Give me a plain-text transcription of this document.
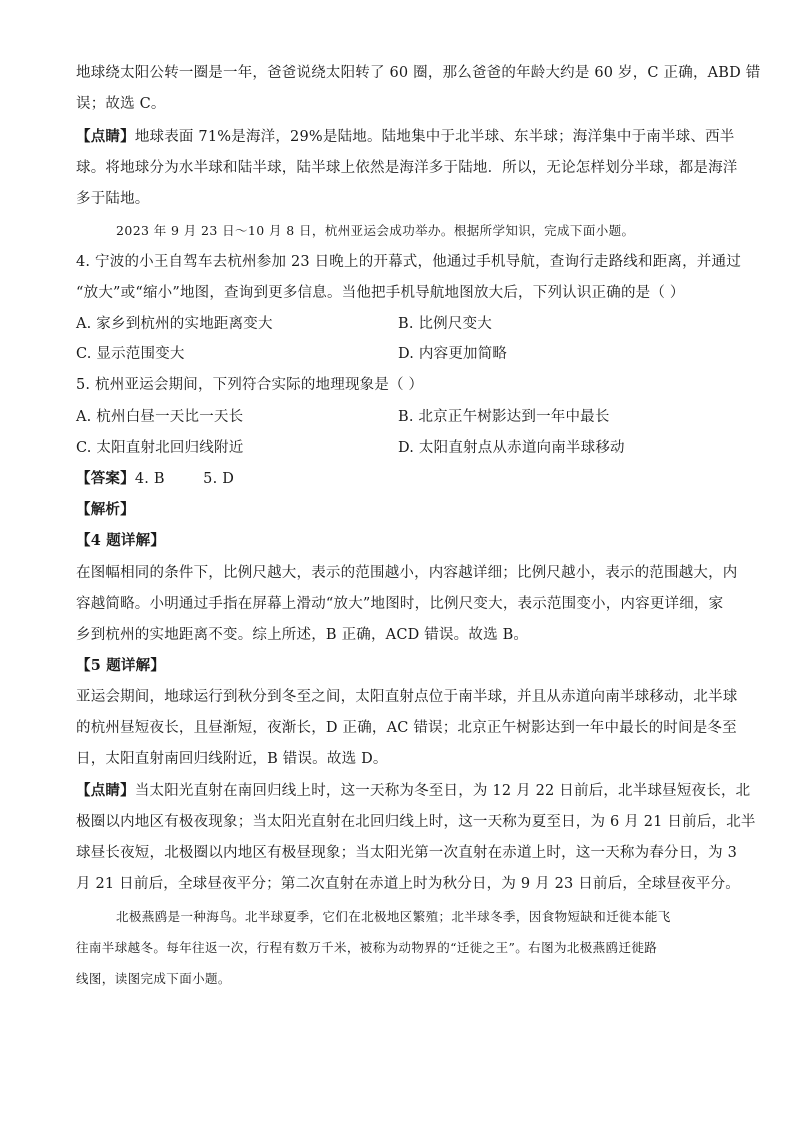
地球绕太阳公转一圈是一年，爸爸说绕太阳转了 60 圈，那么爸爸的年龄大约是 60 岁，C 正确，ABD 错
误；故选 C。
【点睛】地球表面 71%是海洋，29%是陆地。陆地集中于北半球、东半球；海洋集中于南半球、西半
球。将地球分为水半球和陆半球，陆半球上依然是海洋多于陆地．所以，无论怎样划分半球，都是海洋
多于陆地。
2023 年 9 月 23 日～10 月 8 日，杭州亚运会成功举办。根据所学知识，完成下面小题。
4. 宁波的小王自驾车去杭州参加 23 日晚上的开幕式，他通过手机导航，查询行走路线和距离，并通过
“放大”或“缩小”地图，查询到更多信息。当他把手机导航地图放大后，下列认识正确的是（ ）
A. 家乡到杭州的实地距离变大	B. 比例尺变大
C. 显示范围变大	D. 内容更加简略
5. 杭州亚运会期间，下列符合实际的地理现象是（ ）
A. 杭州白昼一天比一天长	B. 北京正午树影达到一年中最长
C. 太阳直射北回归线附近	D. 太阳直射点从赤道向南半球移动
【答案】4. B        5. D
【解析】
【4 题详解】
在图幅相同的条件下，比例尺越大，表示的范围越小，内容越详细；比例尺越小，表示的范围越大，内
容越简略。小明通过手指在屏幕上滑动“放大”地图时，比例尺变大，表示范围变小，内容更详细，家
乡到杭州的实地距离不变。综上所述，B 正确，ACD 错误。故选 B。
【5 题详解】
亚运会期间，地球运行到秋分到冬至之间，太阳直射点位于南半球，并且从赤道向南半球移动，北半球
的杭州昼短夜长，且昼渐短，夜渐长，D 正确，AC 错误；北京正午树影达到一年中最长的时间是冬至
日，太阳直射南回归线附近，B 错误。故选 D。
【点睛】当太阳光直射在南回归线上时，这一天称为冬至日，为 12 月 22 日前后，北半球昼短夜长，北
极圈以内地区有极夜现象；当太阳光直射在北回归线上时，这一天称为夏至日，为 6 月 21 日前后，北半
球昼长夜短，北极圈以内地区有极昼现象；当太阳光第一次直射在赤道上时，这一天称为春分日，为 3
月 21 日前后，全球昼夜平分；第二次直射在赤道上时为秋分日，为 9 月 23 日前后，全球昼夜平分。
北极燕鸥是一种海鸟。北半球夏季，它们在北极地区繁殖；北半球冬季，因食物短缺和迁徙本能飞
往南半球越冬。每年往返一次，行程有数万千米，被称为动物界的“迁徙之王”。右图为北极燕鸥迁徙路
线图，读图完成下面小题。
